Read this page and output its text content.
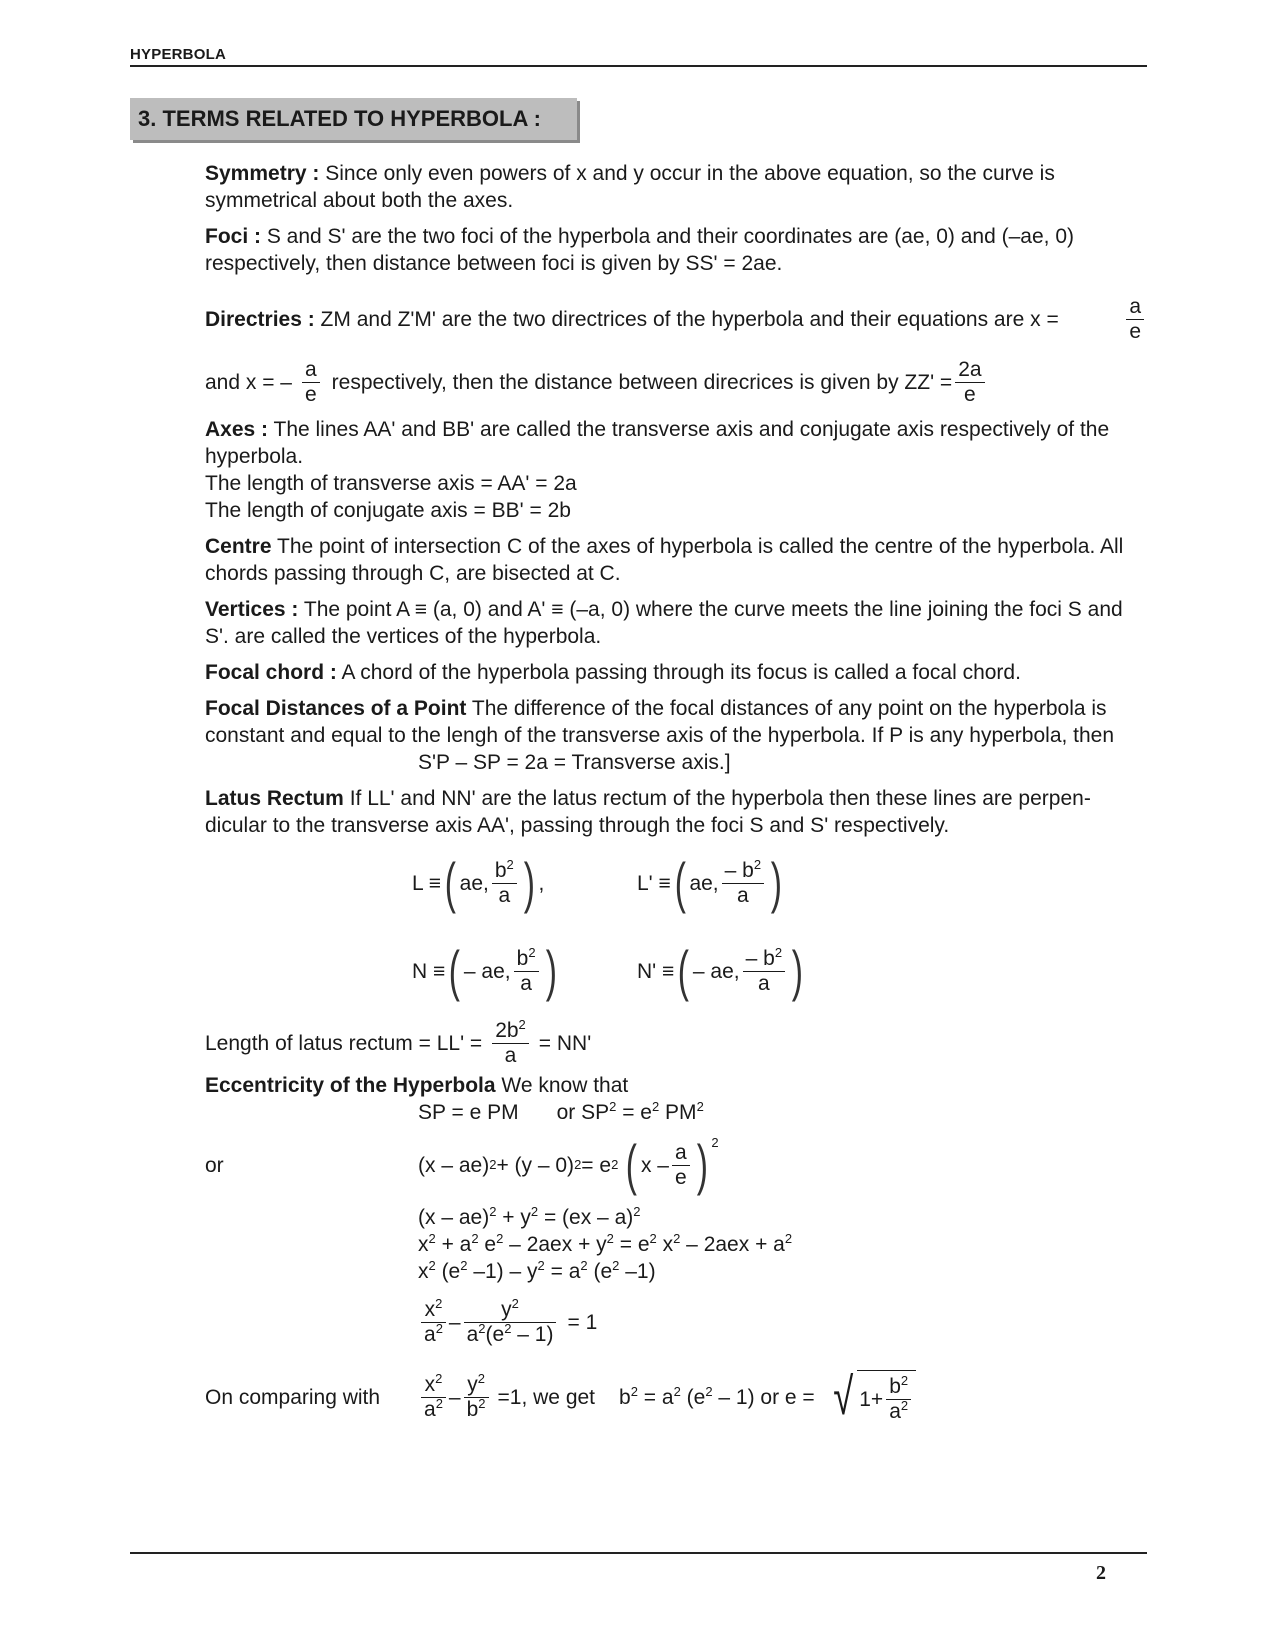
HYPERBOLA
3. TERMS RELATED TO HYPERBOLA :

Symmetry : Since only even powers of x and y occur in the above equation, so the curve is symmetrical about both the axes.

Foci : S and S' are the two foci of the hyperbola and their coordinates are (ae, 0) and (–ae, 0) respectively, then distance between foci is given by SS' = 2ae.

Directries : ZM and Z'M' are the two directrices of the hyperbola and their equations are x =	$\frac{a}{e}$
and x = – $\frac{a}{e}$ respectively, then the distance between direcrices is given by $ZZ' = \frac{2a}{e}$
Axes : The lines AA' and BB' are called the transverse axis and conjugate axis respectively of the hyperbola.
The length of transverse axis = AA' = 2a
The length of conjugate axis = BB' = 2b

Centre The point of intersection C of the axes of hyperbola is called the centre of the hyperbola. All chords passing through C, are bisected at C.

Vertices : The point A ≡ (a, 0) and A' ≡ (–a, 0) where the curve meets the line joining the foci S and S'. are called the vertices of the hyperbola.

Focal chord : A chord of the hyperbola passing through its focus is called a focal chord.

Focal Distances of a Point The difference of the focal distances of any point on the hyperbola is constant and equal to the lengh of the transverse axis of the hyperbola. If P is any hyperbola, then
S'P – SP = 2a = Transverse axis.]

Latus Rectum If LL' and NN' are the latus rectum of the hyperbola then these lines are perpen-dicular to the transverse axis AA', passing through the foci S and S' respectively.

L ≡ ( ae, $\frac{b^2}{a}$ ) ,	L' ≡ ( ae, $\frac{- b^2}{a}$ )
N ≡ ( – ae, $\frac{b^2}{a}$ )	N' ≡ ( – ae, $\frac{- b^2}{a}$ )
Length of latus rectum = $LL' = \frac{2b^2}{a} = NN'$
Eccentricity of the Hyperbola We know that
SP = e PM or $SP^2 = e^2$ $PM^2$
or	(x – ae) 2 + (y – 0) 2 = e 2 ( x – $\frac{a}{e}$ ) $^2$
$(x - ae)^2 + y^2 = (ex - a)^2$
$x^2 + a^2$ $e^2 - 2aex + y^2 = e^2$ $x^2 - 2aex + a^2$
$x^2$ ($e^2$ $-1) - y^2 = a^2$ ($e^2$ –1)
$\frac{x^2}{a^2} - \frac{y^2}{a^2(e^2 - 1)} = 1$
On comparing with	$\frac{x^2}{a^2} - \frac{y^2}{b^2} =1$, we get $b^2 = a^2$ $(e^2 - 1)$ or e = √ $1+ \frac{b^2}{a^2}$
2
